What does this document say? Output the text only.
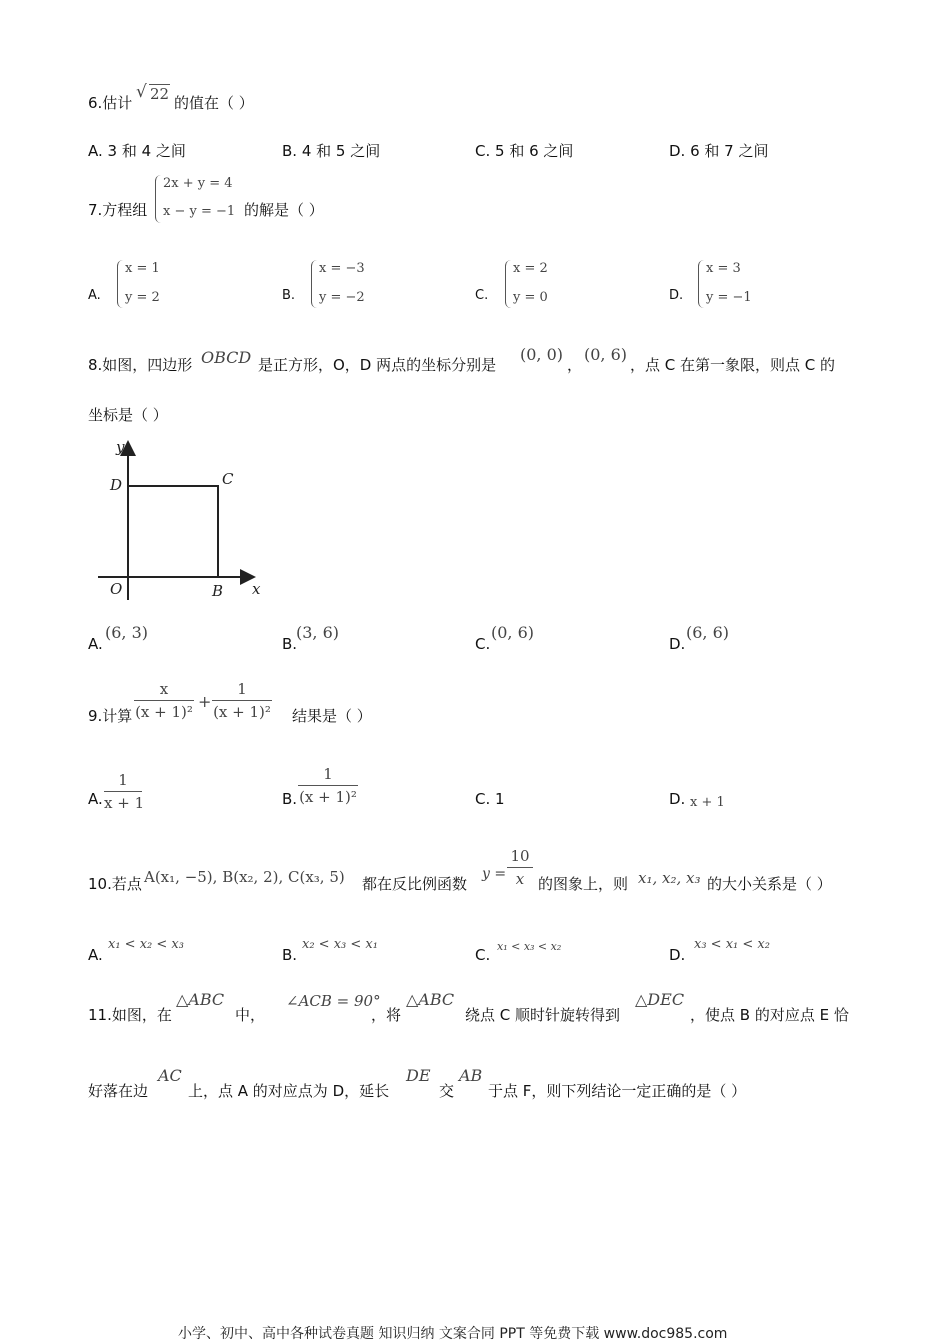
6.估计
√ 22 的值在（ ）
A. 3 和 4 之间	B. 4 和 5 之间	C. 5 和 6 之间	D. 6 和 7 之间
7.方程组
2x + y = 4
x − y = −1 的解是（ ）
A.
x = 1
y = 2	B.
x = −3
y = −2	C.
x = 2
y = 0	D.
x = 3
y = −1
8.如图，四边形 OBCD 是正方形，O，D 两点的坐标分别是
(0, 0)
，
(0, 6)
，点 C 在第一象限，则点 C 的
坐标是（ ）
y
x
D	C
O	B
A.
(6, 3)
B.
(3, 6)
C.
(0, 6)
D.
(6, 6)
9.计算
x
(x + 1)²
+
1
(x + 1)² 结果是（ ）
A.
1
x + 1	B.
1
(x + 1)²	C. 1	D. x + 1
10.若点 A(x₁, −5), B(x₂, 2), C(x₃, 5) 都在反比例函数
y =
10
x 的图象上，则 x₁, x₂, x₃ 的大小关系是（ ）
A.
x₁ < x₂ < x₃
B.
x₂ < x₃ < x₁
C. x₁ < x₃ < x₂	D.
x₃ < x₁ < x₂
11.如图，在
△ABC
中，
∠ACB = 90°
，将
△ABC
绕点 C 顺时针旋转得到
△DEC
，使点 B 的对应点 E 恰
好落在边
AC
上，点 A 的对应点为 D，延长
DE
交
AB
于点 F，则下列结论一定正确的是（ ）
小学、初中、高中各种试卷真题 知识归纳 文案合同 PPT 等免费下载 www.doc985.com
